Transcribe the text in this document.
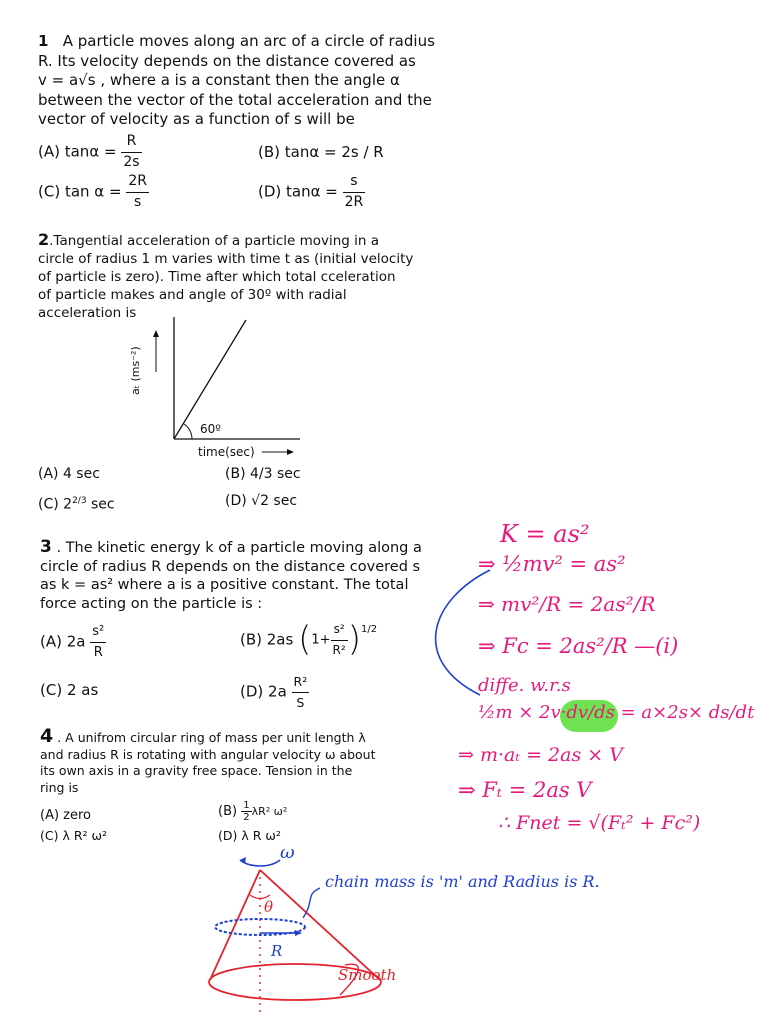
1 A particle moves along an arc of a circle of radius
R. Its velocity depends on the distance covered as
v = a√s , where a is a constant then the angle α
between the vector of the total acceleration and the
vector of velocity as a function of s will be
(A) $\tan\alpha = \frac{R}{2s}$	(B) tanα = 2s / R
(C) $\tan \alpha = \frac{2R}{s}$	(D) $\tan\alpha = \frac{s}{2R}$
2.Tangential acceleration of a particle moving in a
circle of radius 1 m varies with time t as (initial velocity
of particle is zero). Time after which total cceleration
of particle makes and angle of 30º with radial
acceleration is
aₜ (ms⁻²)
60º
time(sec)
(A) 4 sec	(B) 4/3 sec
(C) $2^{2/3}$ sec	(D) √2 sec
3 . The kinetic energy k of a particle moving along a
circle of radius R depends on the distance covered s
as k = as² where a is a positive constant. The total
force acting on the particle is :
(A) $2a \frac{\text{s²}}{R}$	(B) 2as $(1+ \frac{\text{s²}}{\text{R²}} )^{1/2}$
(C) 2 as	(D) $2a \frac{\text{R²}}{S}$
4 . A unifrom circular ring of mass per unit length λ
and radius R is rotating with angular velocity ω about
its own axis in a gravity free space. Tension in the
ring is
(A) zero	$(B) \frac{1}{2} \lambda R^2$ ω²
(C) λ R² ω²	(D) λ R ω²
K = as²
⇒ ½mv² = as²
⇒ mv²/R = 2as²/R
⇒ Fc = 2as²/R —(i)
diffe. w.r.s
½m × 2v·dv/ds = a×2s× ds/dt
⇒ m·aₜ = 2as × V
⇒ Fₜ = 2as V
∴ Fnet = √(Fₜ² + Fc²)
ω
θ
R
chain mass is 'm' and Radius is R.
Smooth
